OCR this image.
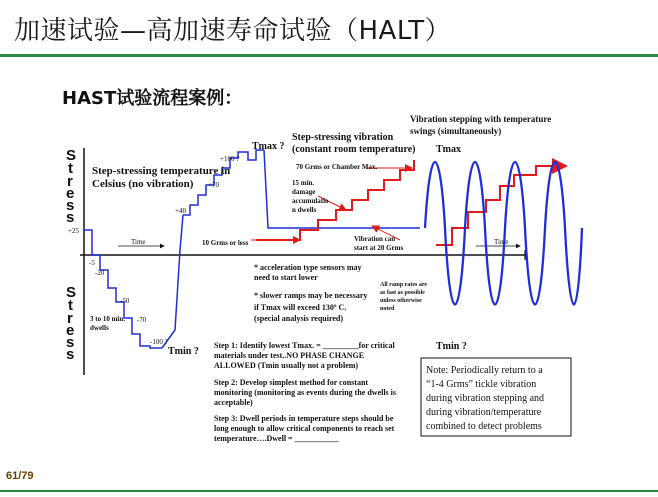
加速试验—高加速寿命试验（HALT）
HAST试验流程案例：
S
t
r
e
s
s
S
t
r
e
s
s
Time	Time
Step-stressing temperature in
Celsius (no vibration)
+100 ?
+70
+40
+25
-5
-20
-50
-70
-100 ?
3 to 10 min.
dwells
Tmax ?
Tmin ?
Step-stressing vibration
(constant room temperature)
70 Grms or Chamber Max.
15 min.
damage
accumulatio
n dwells
10 Grms or less	Vibration can
start at 20 Grms
Vibration stepping with temperature
swings (simultaneously)
Tmax
Tmin ?
All ramp rates are
as fast as possible
unless otherwise
noted
* acceleration type sensors may
need to start lower
* slower ramps may be necessary
if Tmax will exceed 130º C.
(special analysis required)
Step 1: Identify lowest Tmax. = _________for critical
materials under test..NO PHASE CHANGE
ALLOWED (Tmin usually not a problem)
Step 2: Develop simplest method for constant
monitoring (monitoring as events during the dwells is
acceptable)
Step 3: Dwell periods in temperature steps should be
long enough to allow critical components to reach set
temperature….Dwell = ___________
Note: Periodically return to a
“1-4 Grms” tickle vibration
during vibration stepping and
during vibration/temperature
combined to detect problems
61/79
